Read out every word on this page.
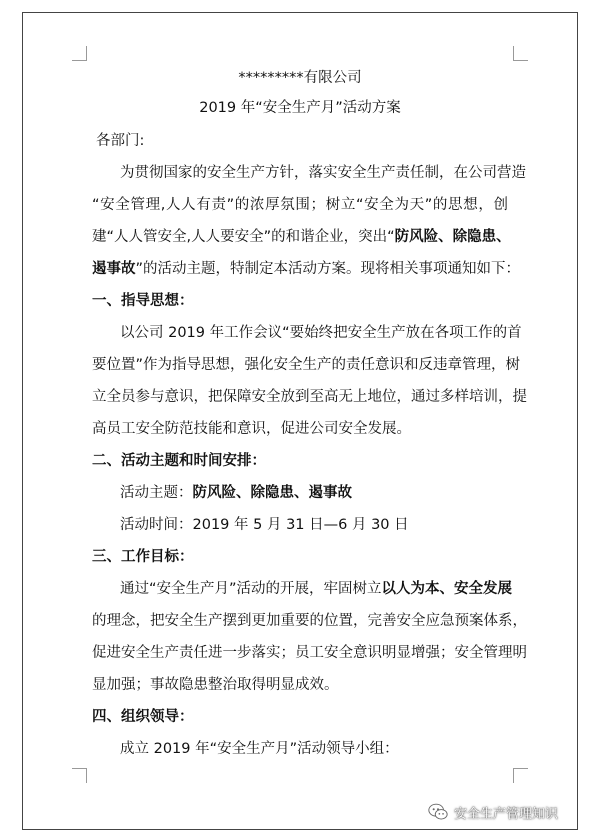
*********有限公司
2019 年“安全生产月”活动方案
各部门:
为贯彻国家的安全生产方针，落实安全生产责任制，在公司营造
“安全管理,人人有责”的浓厚氛围；树立“安全为天”的思想，创
建“人人管安全,人人要安全”的和谐企业，突出“防风险、除隐患、
遏事故”的活动主题，特制定本活动方案。现将相关事项通知如下：
一、指导思想：
以公司 2019 年工作会议“要始终把安全生产放在各项工作的首
要位置”作为指导思想，强化安全生产的责任意识和反违章管理，树
立全员参与意识，把保障安全放到至高无上地位，通过多样培训，提
高员工安全防范技能和意识，促进公司安全发展。
二、活动主题和时间安排：
活动主题：防风险、除隐患、遏事故
活动时间：2019 年 5 月 31 日—6 月 30 日
三、工作目标：
通过“安全生产月”活动的开展，牢固树立以人为本、安全发展
的理念，把安全生产摆到更加重要的位置，完善安全应急预案体系，
促进安全生产责任进一步落实；员工安全意识明显增强；安全管理明
显加强；事故隐患整治取得明显成效。
四、组织领导：
成立 2019 年“安全生产月”活动领导小组：
安全生产管理知识
